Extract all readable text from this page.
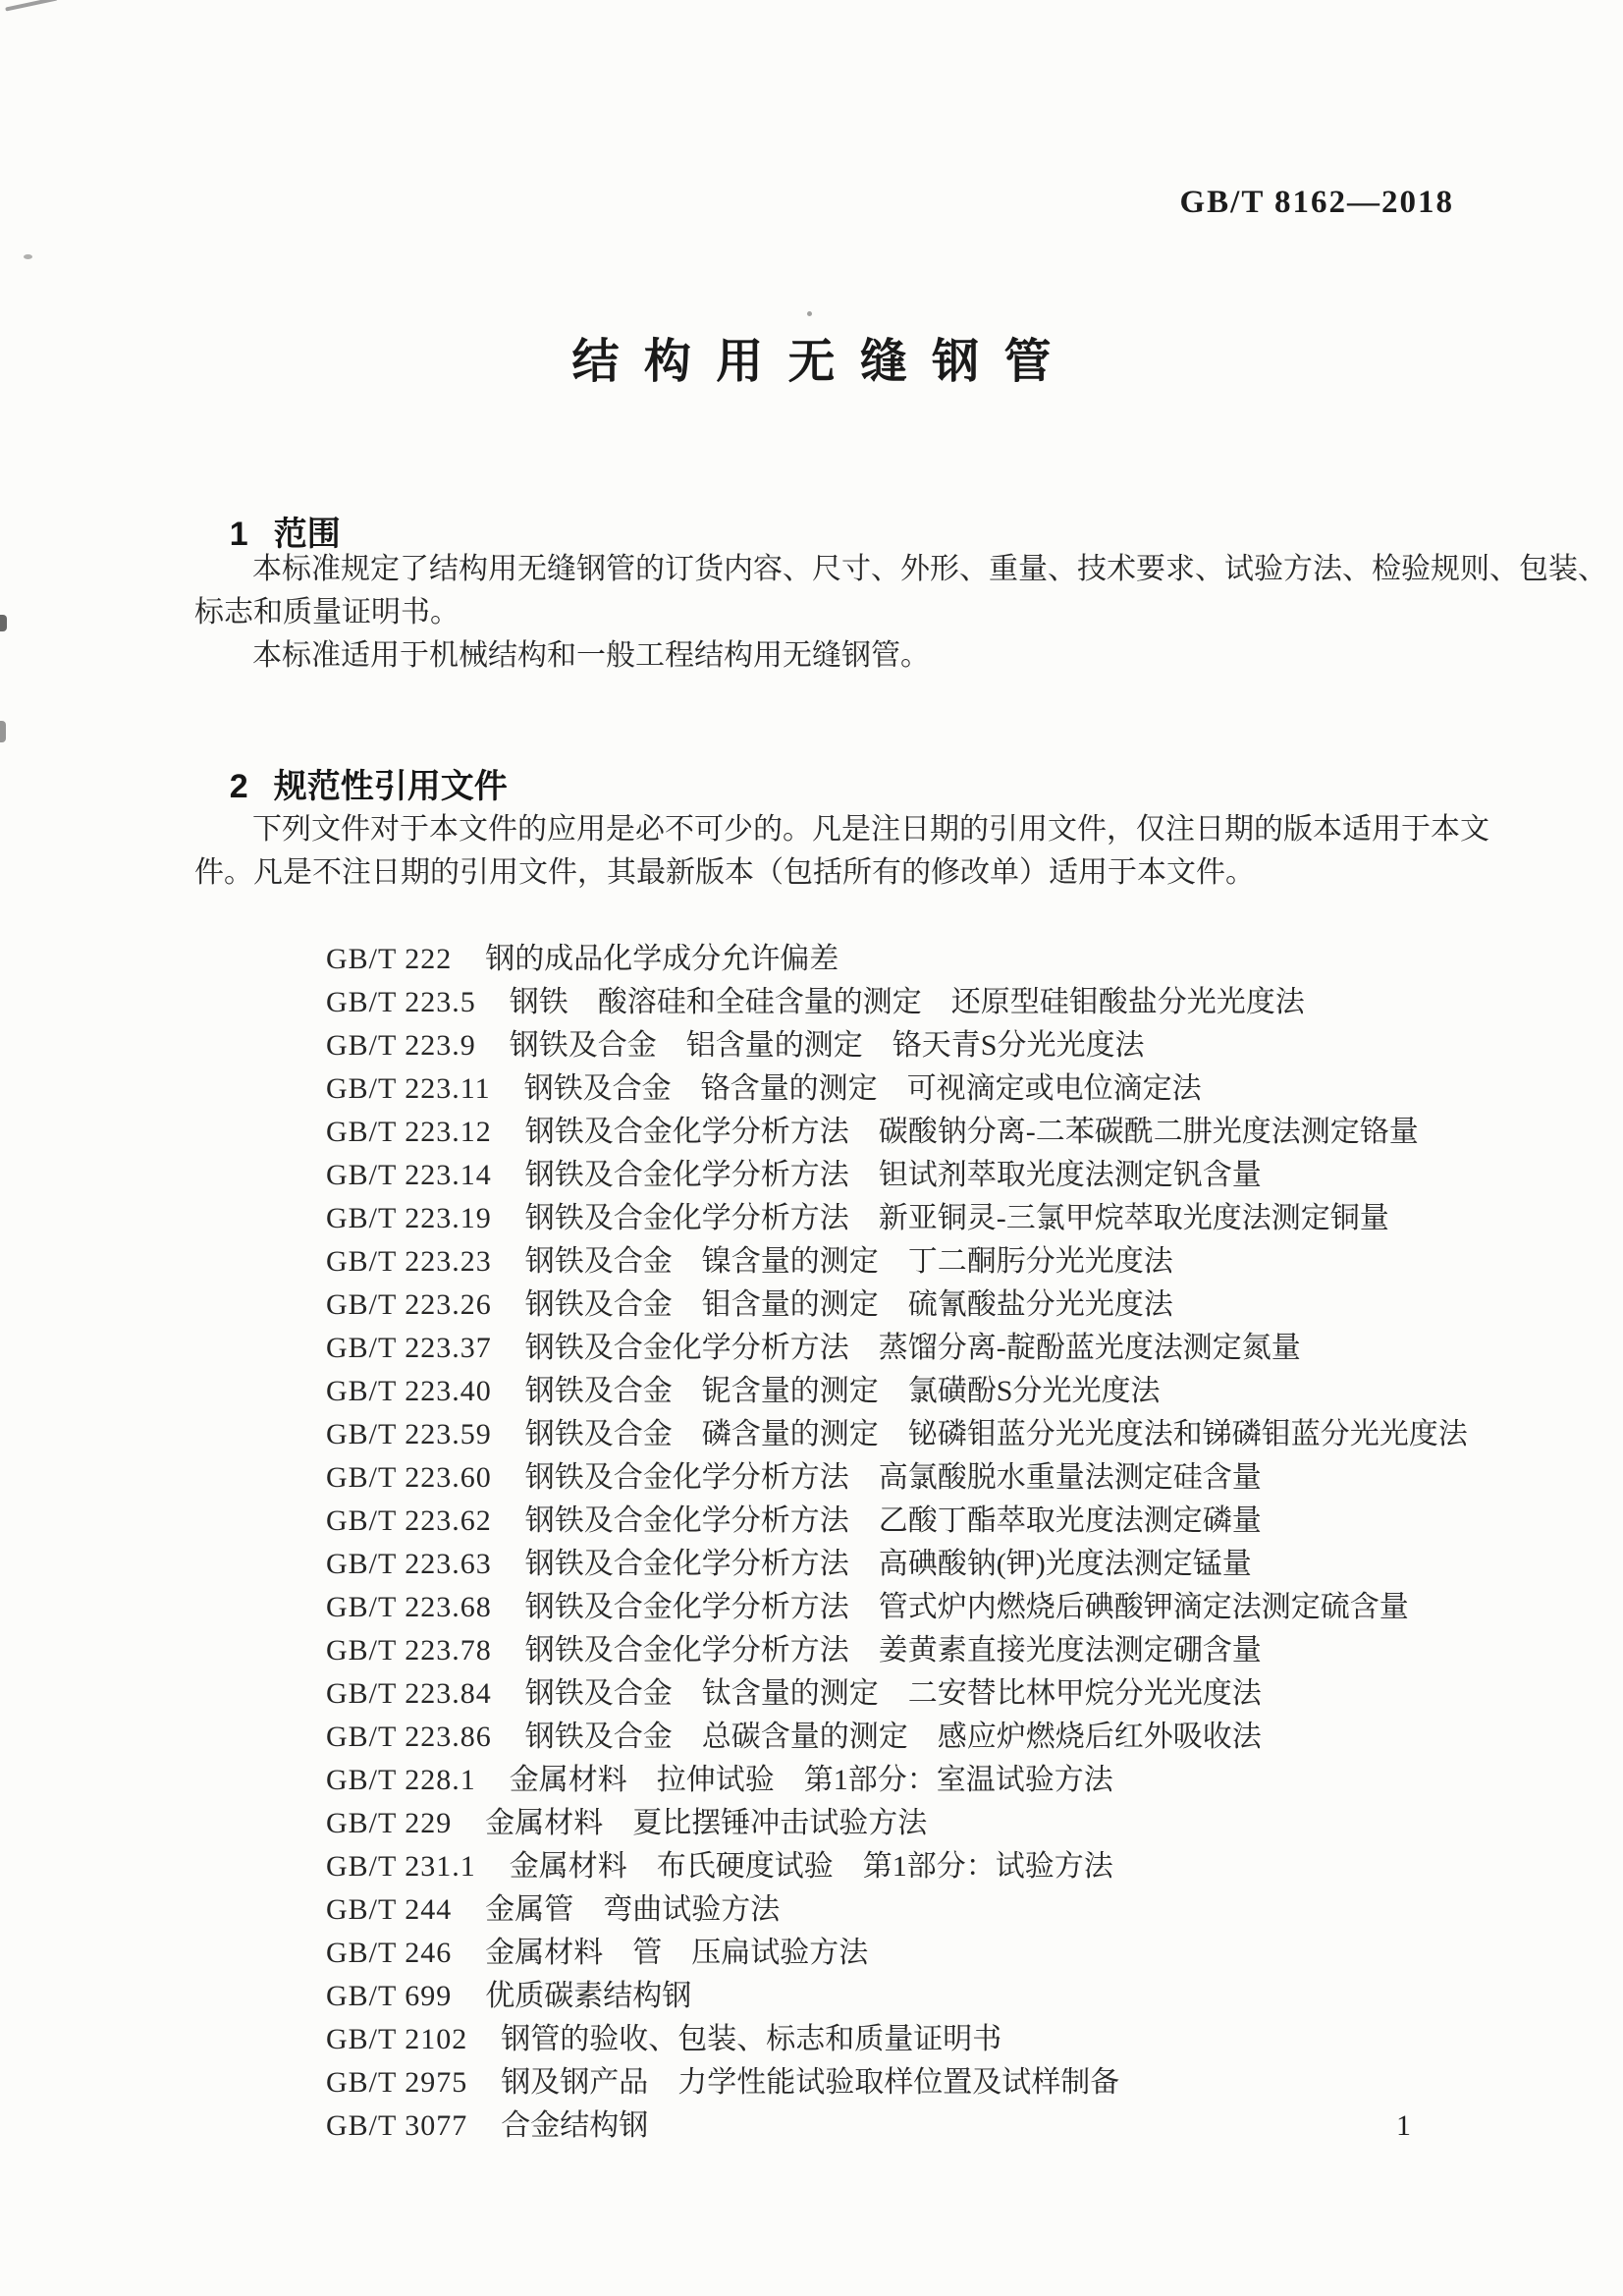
GB/T 8162—2018
结 构 用 无 缝 钢 管

1 范围

本标准规定了结构用无缝钢管的订货内容、尺寸、外形、重量、技术要求、试验方法、检验规则、包装、
标志和质量证明书。
本标准适用于机械结构和一般工程结构用无缝钢管。

2 规范性引用文件

下列文件对于本文件的应用是必不可少的。凡是注日期的引用文件，仅注日期的版本适用于本文
件。凡是不注日期的引用文件，其最新版本（包括所有的修改单）适用于本文件。

GB/T 222 钢的成品化学成分允许偏差

GB/T 223.5 钢铁　酸溶硅和全硅含量的测定　还原型硅钼酸盐分光光度法

GB/T 223.9 钢铁及合金　铝含量的测定　铬天青S分光光度法

GB/T 223.11 钢铁及合金　铬含量的测定　可视滴定或电位滴定法

GB/T 223.12 钢铁及合金化学分析方法　碳酸钠分离-二苯碳酰二肼光度法测定铬量

GB/T 223.14 钢铁及合金化学分析方法　钽试剂萃取光度法测定钒含量

GB/T 223.19 钢铁及合金化学分析方法　新亚铜灵-三氯甲烷萃取光度法测定铜量

GB/T 223.23 钢铁及合金　镍含量的测定　丁二酮肟分光光度法

GB/T 223.26 钢铁及合金　钼含量的测定　硫氰酸盐分光光度法

GB/T 223.37 钢铁及合金化学分析方法　蒸馏分离-靛酚蓝光度法测定氮量

GB/T 223.40 钢铁及合金　铌含量的测定　氯磺酚S分光光度法

GB/T 223.59 钢铁及合金　磷含量的测定　铋磷钼蓝分光光度法和锑磷钼蓝分光光度法

GB/T 223.60 钢铁及合金化学分析方法　高氯酸脱水重量法测定硅含量

GB/T 223.62 钢铁及合金化学分析方法　乙酸丁酯萃取光度法测定磷量

GB/T 223.63 钢铁及合金化学分析方法　高碘酸钠(钾)光度法测定锰量

GB/T 223.68 钢铁及合金化学分析方法　管式炉内燃烧后碘酸钾滴定法测定硫含量

GB/T 223.78 钢铁及合金化学分析方法　姜黄素直接光度法测定硼含量

GB/T 223.84 钢铁及合金　钛含量的测定　二安替比林甲烷分光光度法

GB/T 223.86 钢铁及合金　总碳含量的测定　感应炉燃烧后红外吸收法

GB/T 228.1 金属材料　拉伸试验　第1部分：室温试验方法

GB/T 229 金属材料　夏比摆锤冲击试验方法

GB/T 231.1 金属材料　布氏硬度试验　第1部分：试验方法

GB/T 244 金属管　弯曲试验方法

GB/T 246 金属材料　管　压扁试验方法

GB/T 699 优质碳素结构钢

GB/T 2102 钢管的验收、包装、标志和质量证明书

GB/T 2975 钢及钢产品　力学性能试验取样位置及试样制备

GB/T 3077 合金结构钢
	1
